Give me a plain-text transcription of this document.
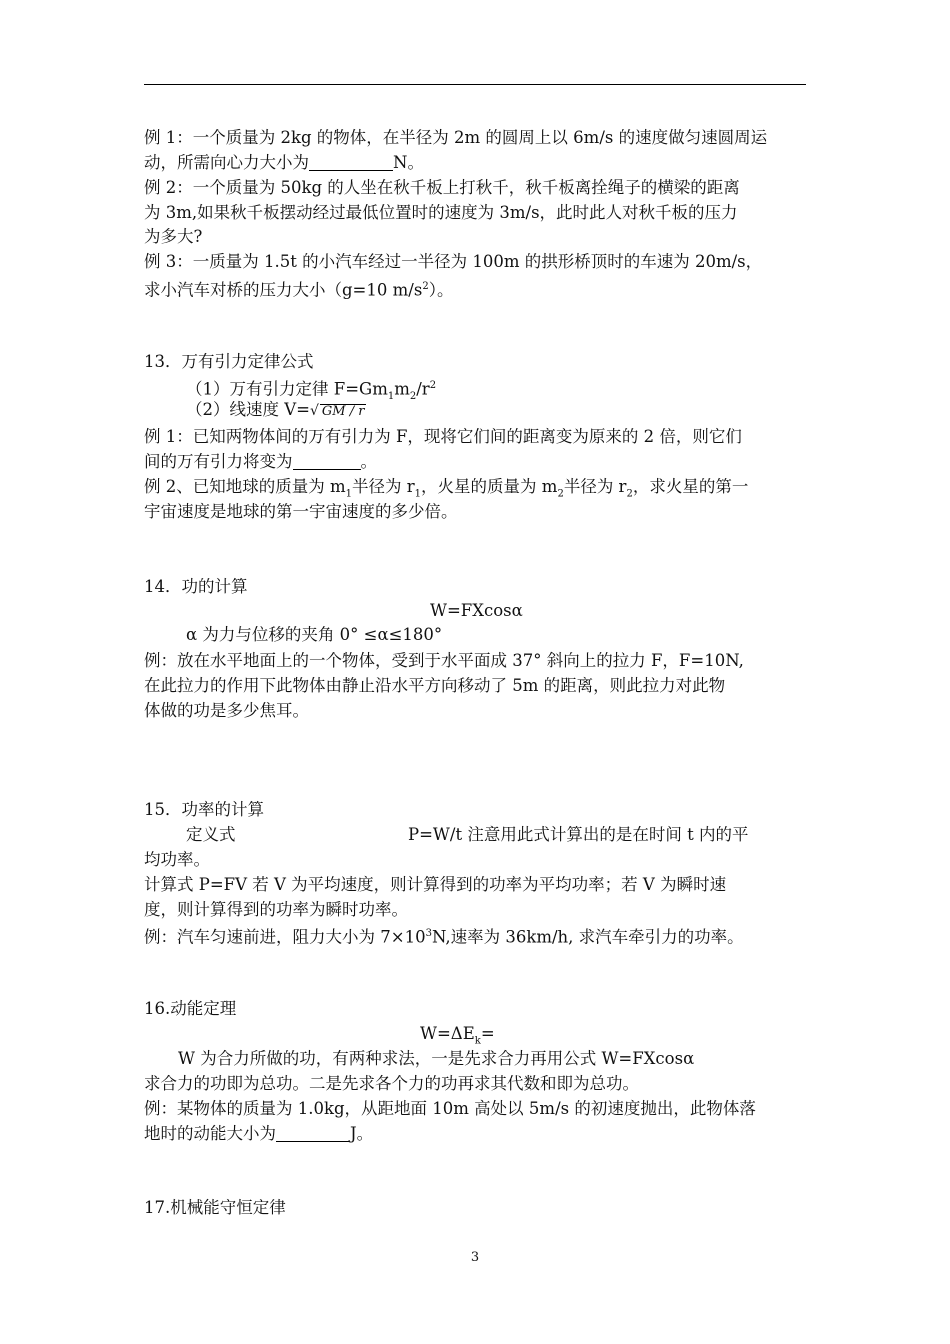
例 1：一个质量为 2kg 的物体，在半径为 2m 的圆周上以 6m/s 的速度做匀速圆周运
动，所需向心力大小为	N。
例 2：一个质量为 50kg 的人坐在秋千板上打秋千，秋千板离拴绳子的横梁的距离
为 3m,如果秋千板摆动经过最低位置时的速度为 3m/s，此时此人对秋千板的压力
为多大?
例 3：一质量为 1.5t 的小汽车经过一半径为 100m 的拱形桥顶时的车速为 20m/s，
求小汽车对桥的压力大小（g=10 $m/s^2$）。
13．万有引力定律公式
（1）万有引力定律 $F=Gm_1m_2/r^2$
（2）线速度 V=√ GM / r
例 1：已知两物体间的万有引力为 F，现将它们间的距离变为原来的 2 倍，则它们
间的万有引力将变为	。
例 2、已知地球的质量为 $m_1$半径为 $r_1$，火星的质量为 $m_2$半径为 $r_2$，求火星的第一
宇宙速度是地球的第一宇宙速度的多少倍。
14．功的计算
W=FXcosα
α 为力与位移的夹角 0° ≤α≤180°
例：放在水平地面上的一个物体，受到于水平面成 37° 斜向上的拉力 F，F=10N,
在此拉力的作用下此物体由静止沿水平方向移动了 5m 的距离，则此拉力对此物
体做的功是多少焦耳。
15．功率的计算
定义式	P=W/t 注意用此式计算出的是在时间 t 内的平
均功率。
计算式 P=FV 若 V 为平均速度，则计算得到的功率为平均功率；若 V 为瞬时速
度，则计算得到的功率为瞬时功率。
例：汽车匀速前进，阻力大小为 $7\times 10^3N$,速率为 36km/h, 求汽车牵引力的功率。
16.动能定理
$W=\Delta E_k=$
W 为合力所做的功，有两种求法，一是先求合力再用公式 W=FXcosα
求合力的功即为总功。二是先求各个力的功再求其代数和即为总功。
例：某物体的质量为 1.0kg，从距地面 10m 高处以 5m/s 的初速度抛出，此物体落
地时的动能大小为	J。
17.机械能守恒定律
3
